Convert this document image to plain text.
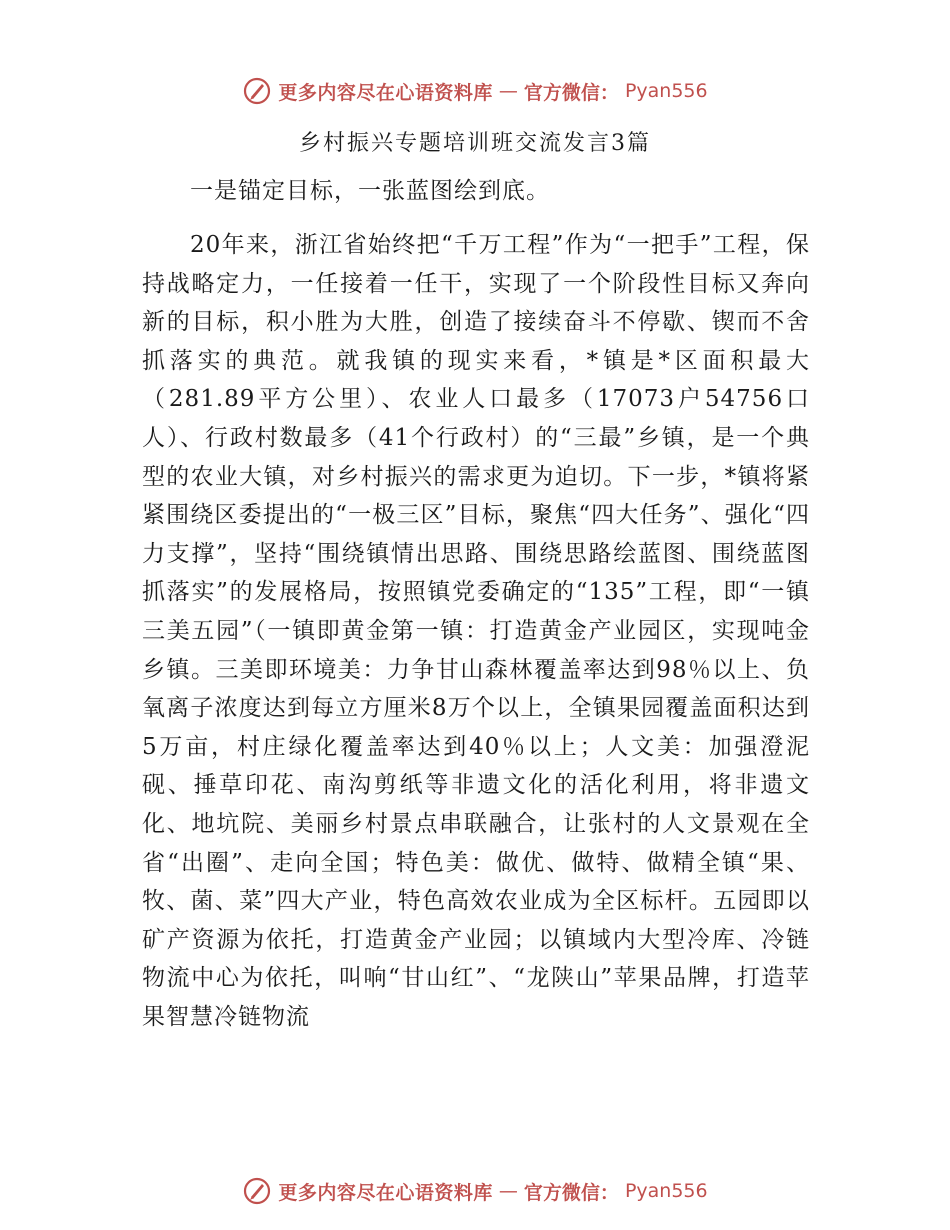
更多内容尽在心语资料库 — 官方微信： Pyan556
乡村振兴专题培训班交流发言3篇

一是锚定目标，一张蓝图绘到底。

20年来，浙江省始终把“千万工程”作为“一把手”工程，保持战略定力，一任接着一任干，实现了一个阶段性目标又奔向新的目标，积小胜为大胜，创造了接续奋斗不停歇、锲而不舍抓落实的典范。就我镇的现实来看，*镇是*区面积最大（281.89平方公里）、农业人口最多（17073户54756口人）、行政村数最多（41个行政村）的“三最”乡镇，是一个典型的农业大镇，对乡村振兴的需求更为迫切。下一步，*镇将紧紧围绕区委提出的“一极三区”目标，聚焦“四大任务”、强化“四力支撑”，坚持“围绕镇情出思路、围绕思路绘蓝图、围绕蓝图抓落实”的发展格局，按照镇党委确定的“135”工程，即“一镇三美五园”（一镇即黄金第一镇：打造黄金产业园区，实现吨金乡镇。三美即环境美：力争甘山森林覆盖率达到98％以上、负氧离子浓度达到每立方厘米8万个以上，全镇果园覆盖面积达到5万亩，村庄绿化覆盖率达到40％以上；人文美：加强澄泥砚、捶草印花、南沟剪纸等非遗文化的活化利用，将非遗文化、地坑院、美丽乡村景点串联融合，让张村的人文景观在全省“出圈”、走向全国；特色美：做优、做特、做精全镇“果、牧、菌、菜”四大产业，特色高效农业成为全区标杆。五园即以矿产资源为依托，打造黄金产业园；以镇域内大型冷库、冷链物流中心为依托，叫响“甘山红”、“龙陕山”苹果品牌，打造苹果智慧冷链物流

更多内容尽在心语资料库 — 官方微信： Pyan556
